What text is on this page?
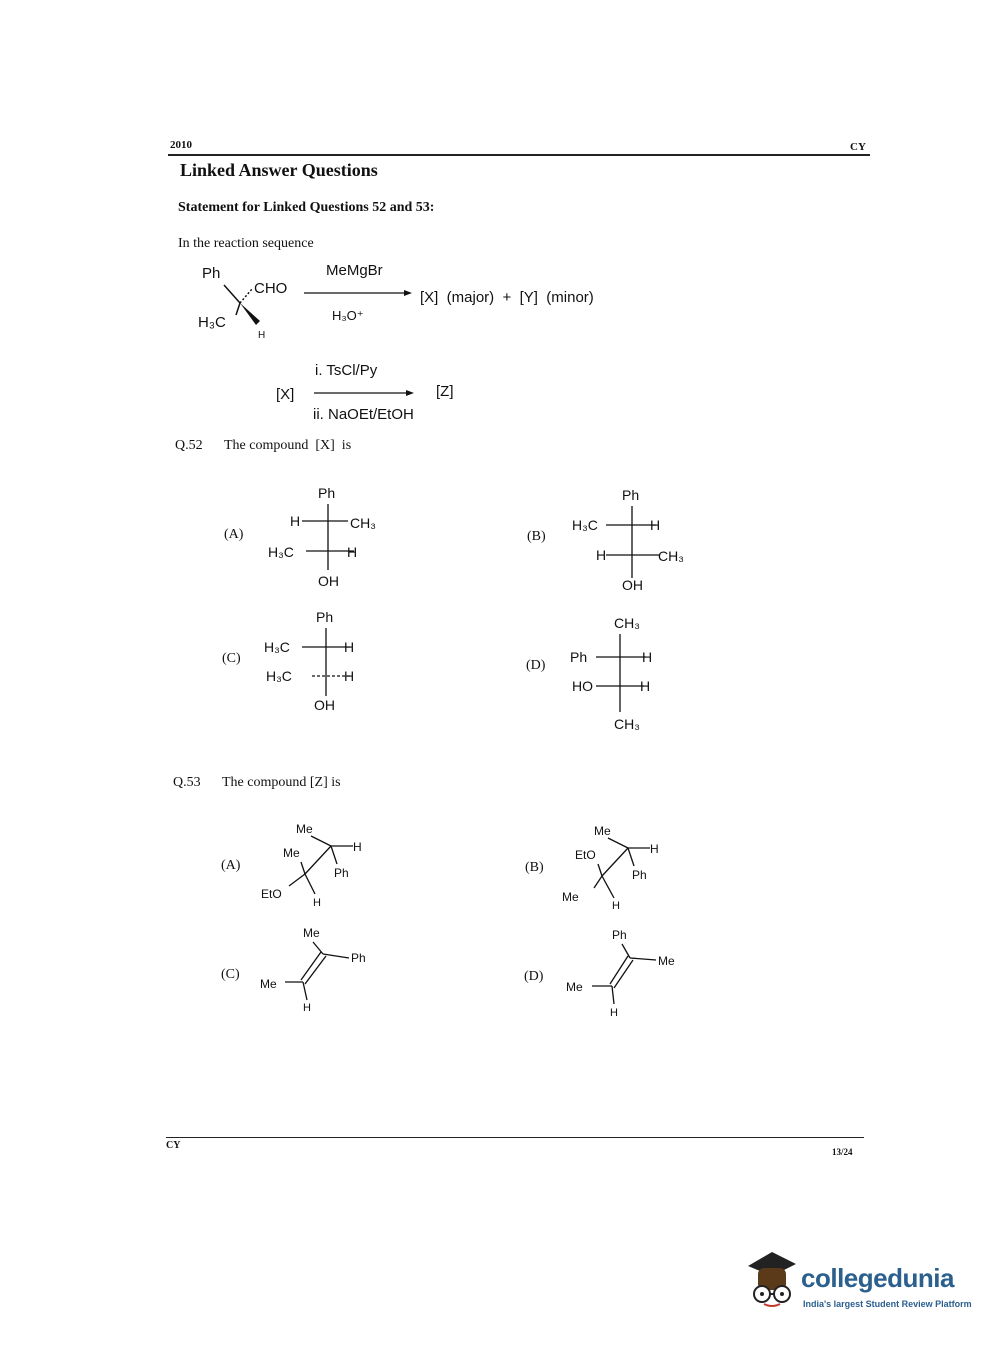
2010	CY
Linked Answer Questions
Statement for Linked Questions 52 and 53:
In the reaction sequence
Ph
CHO
H₃C
H
MeMgBr
H₃O⁺
[X]  (major)  +  [Y]  (minor)
i. TsCl/Py
[X]	[Z]
ii. NaOEt/EtOH
Q.52 The compound  [X]  is
(A)
Ph
H	CH₃
H₃C	H
OH
(B)
Ph
H₃C	H
H	CH₃
OH
(C)
Ph
H₃C	H
H₃C	H
OH
(D)
CH₃
Ph	H
HO	H
CH₃
Q.53 The compound [Z] is
(A)
Me
Me	H
Ph
EtO
H
(B)
Me
EtO	H
Ph
Me
H
(C)
Me
Ph
Me
H
(D)
Ph
Me
Me
H
CY
13/24
collegedunia
India's largest Student Review Platform
